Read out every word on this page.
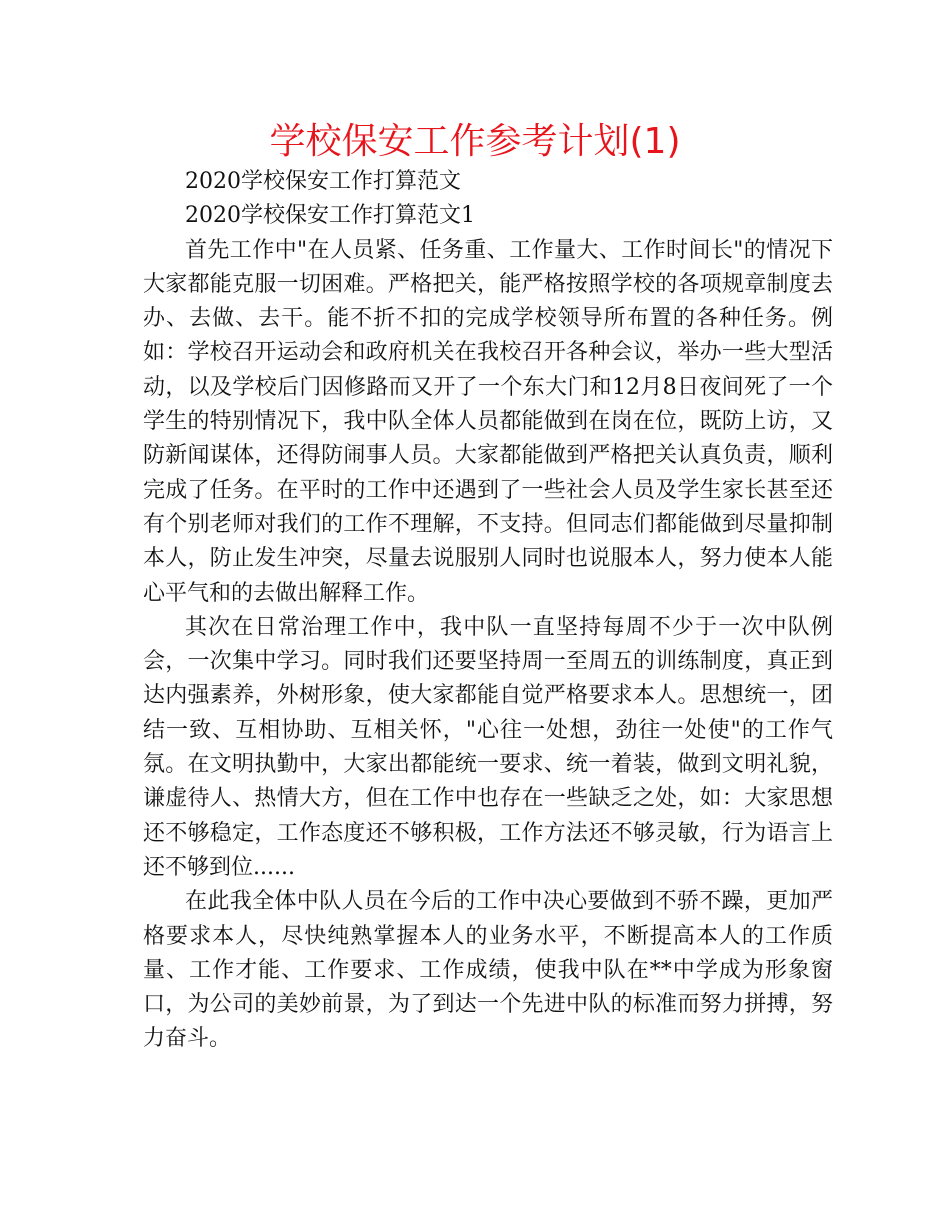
学校保安工作参考计划(1)

2020学校保安工作打算范文

2020学校保安工作打算范文1

首先工作中"在人员紧、任务重、工作量大、工作时间长"的情况下大家都能克服一切困难。严格把关，能严格按照学校的各项规章制度去办、去做、去干。能不折不扣的完成学校领导所布置的各种任务。例如：学校召开运动会和政府机关在我校召开各种会议，举办一些大型活动，以及学校后门因修路而又开了一个东大门和12月8日夜间死了一个学生的特别情况下，我中队全体人员都能做到在岗在位，既防上访，又防新闻谋体，还得防闹事人员。大家都能做到严格把关认真负责，顺利完成了任务。在平时的工作中还遇到了一些社会人员及学生家长甚至还有个别老师对我们的工作不理解，不支持。但同志们都能做到尽量抑制本人，防止发生冲突，尽量去说服别人同时也说服本人，努力使本人能心平气和的去做出解释工作。

其次在日常治理工作中，我中队一直坚持每周不少于一次中队例会，一次集中学习。同时我们还要坚持周一至周五的训练制度，真正到达内强素养，外树形象，使大家都能自觉严格要求本人。思想统一，团结一致、互相协助、互相关怀，"心往一处想，劲往一处使"的工作气氛。在文明执勤中，大家出都能统一要求、统一着装，做到文明礼貌，谦虚待人、热情大方，但在工作中也存在一些缺乏之处，如：大家思想还不够稳定，工作态度还不够积极，工作方法还不够灵敏，行为语言上还不够到位......

在此我全体中队人员在今后的工作中决心要做到不骄不躁，更加严格要求本人，尽快纯熟掌握本人的业务水平，不断提高本人的工作质量、工作才能、工作要求、工作成绩，使我中队在**中学成为形象窗口，为公司的美妙前景，为了到达一个先进中队的标准而努力拼搏，努力奋斗。
